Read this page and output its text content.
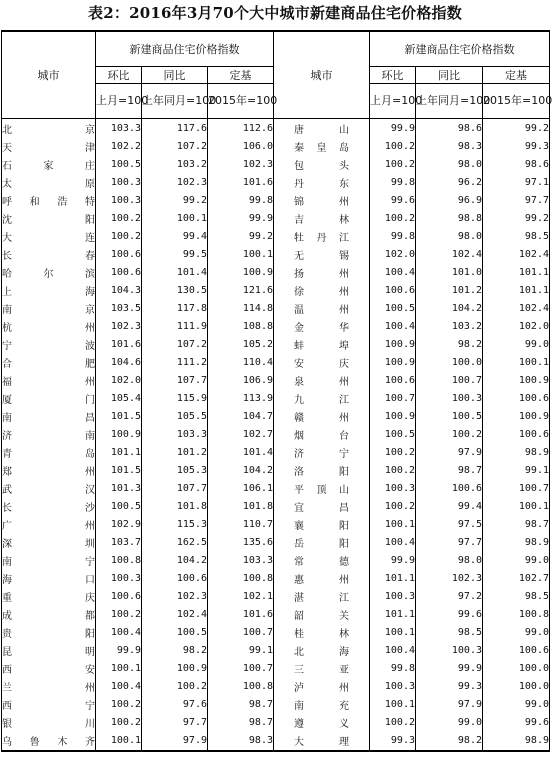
表2：2016年3月70个大中城市新建商品住宅价格指数
城市	新建商品住宅价格指数			城市	新建商品住宅价格指数		
	环比	同比	定基		环比	同比	定基
	上月=100	上年同月=100	2015年=100		上月=100	上年同月=100	2015年=100
北京	103.3	117.6	112.6	唐山	99.9	98.6	99.2
天津	102.2	107.2	106.0	秦皇岛	100.2	98.3	99.3
石家庄	100.5	103.2	102.3	包头	100.2	98.0	98.6
太原	100.3	102.3	101.6	丹东	99.8	96.2	97.1
呼和浩特	100.3	99.2	99.8	锦州	99.6	96.9	97.7
沈阳	100.2	100.1	99.9	吉林	100.2	98.8	99.2
大连	100.2	99.4	99.2	牡丹江	99.8	98.0	98.5
长春	100.6	99.5	100.1	无锡	102.0	102.4	102.4
哈尔滨	100.6	101.4	100.9	扬州	100.4	101.0	101.1
上海	104.3	130.5	121.6	徐州	100.6	101.2	101.1
南京	103.5	117.8	114.8	温州	100.5	104.2	102.4
杭州	102.3	111.9	108.8	金华	100.4	103.2	102.0
宁波	101.6	107.2	105.2	蚌埠	100.9	98.2	99.0
合肥	104.6	111.2	110.4	安庆	100.9	100.0	100.1
福州	102.0	107.7	106.9	泉州	100.6	100.7	100.9
厦门	105.4	115.9	113.9	九江	100.7	100.3	100.6
南昌	101.5	105.5	104.7	赣州	100.9	100.5	100.9
济南	100.9	103.3	102.7	烟台	100.5	100.2	100.6
青岛	101.1	101.2	101.4	济宁	100.2	97.9	98.9
郑州	101.5	105.3	104.2	洛阳	100.2	98.7	99.1
武汉	101.3	107.7	106.1	平顶山	100.3	100.6	100.7
长沙	100.5	101.8	101.8	宜昌	100.2	99.4	100.1
广州	102.9	115.3	110.7	襄阳	100.1	97.5	98.7
深圳	103.7	162.5	135.6	岳阳	100.4	97.7	98.9
南宁	100.8	104.2	103.3	常德	99.9	98.0	99.0
海口	100.3	100.6	100.8	惠州	101.1	102.3	102.7
重庆	100.6	102.3	102.1	湛江	100.3	97.2	98.5
成都	100.2	102.4	101.6	韶关	101.1	99.6	100.8
贵阳	100.4	100.5	100.7	桂林	100.1	98.5	99.0
昆明	99.9	98.2	99.1	北海	100.4	100.3	100.6
西安	100.1	100.9	100.7	三亚	99.8	99.9	100.0
兰州	100.4	100.2	100.8	泸州	100.3	99.3	100.0
西宁	100.2	97.6	98.7	南充	100.1	97.9	99.0
银川	100.2	97.7	98.7	遵义	100.2	99.0	99.6
乌鲁木齐	100.1	97.9	98.3	大理	99.3	98.2	98.9
